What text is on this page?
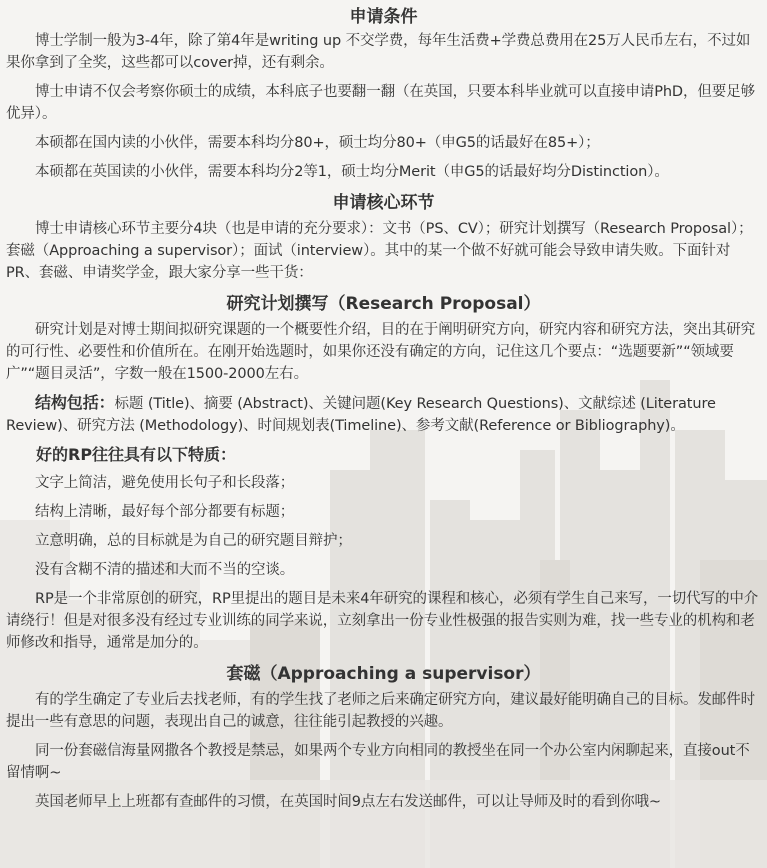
申请条件

博士学制一般为3-4年，除了第4年是writing up 不交学费，每年生活费+学费总费用在25万人民币左右，不过如果你拿到了全奖，这些都可以cover掉，还有剩余。

博士申请不仅会考察你硕士的成绩，本科底子也要翻一翻（在英国，只要本科毕业就可以直接申请PhD，但要足够优异）。

本硕都在国内读的小伙伴，需要本科均分80+，硕士均分80+（申G5的话最好在85+）；

本硕都在英国读的小伙伴，需要本科均分2等1，硕士均分Merit（申G5的话最好均分Distinction）。

申请核心环节

博士申请核心环节主要分4块（也是申请的充分要求）：文书（PS、CV）；研究计划撰写（Research Proposal）；套磁（Approaching a supervisor）；面试（interview）。其中的某一个做不好就可能会导致申请失败。下面针对PR、套磁、申请奖学金，跟大家分享一些干货：

研究计划撰写（Research Proposal）

研究计划是对博士期间拟研究课题的一个概要性介绍，目的在于阐明研究方向，研究内容和研究方法，突出其研究的可行性、必要性和价值所在。在刚开始选题时，如果你还没有确定的方向，记住这几个要点：“选题要新”“领域要广”“题目灵活”，字数一般在1500-2000左右。

结构包括：标题 (Title)、摘要 (Abstract)、关键问题(Key Research Questions)、文献综述 (Literature Review)、研究方法 (Methodology)、时间规划表(Timeline)、参考文献(Reference or Bibliography)。

好的RP往往具有以下特质：

文字上简洁，避免使用长句子和长段落；

结构上清晰，最好每个部分都要有标题；

立意明确，总的目标就是为自己的研究题目辩护；

没有含糊不清的描述和大而不当的空谈。

RP是一个非常原创的研究，RP里提出的题目是未来4年研究的课程和核心，必须有学生自己来写，一切代写的中介请绕行！但是对很多没有经过专业训练的同学来说，立刻拿出一份专业性极强的报告实则为难，找一些专业的机构和老师修改和指导，通常是加分的。

套磁（Approaching a supervisor）

有的学生确定了专业后去找老师，有的学生找了老师之后来确定研究方向，建议最好能明确自己的目标。发邮件时提出一些有意思的问题，表现出自己的诚意，往往能引起教授的兴趣。

同一份套磁信海量网撒各个教授是禁忌，如果两个专业方向相同的教授坐在同一个办公室内闲聊起来，直接out不留情啊~

英国老师早上上班都有查邮件的习惯，在英国时间9点左右发送邮件，可以让导师及时的看到你哦~
